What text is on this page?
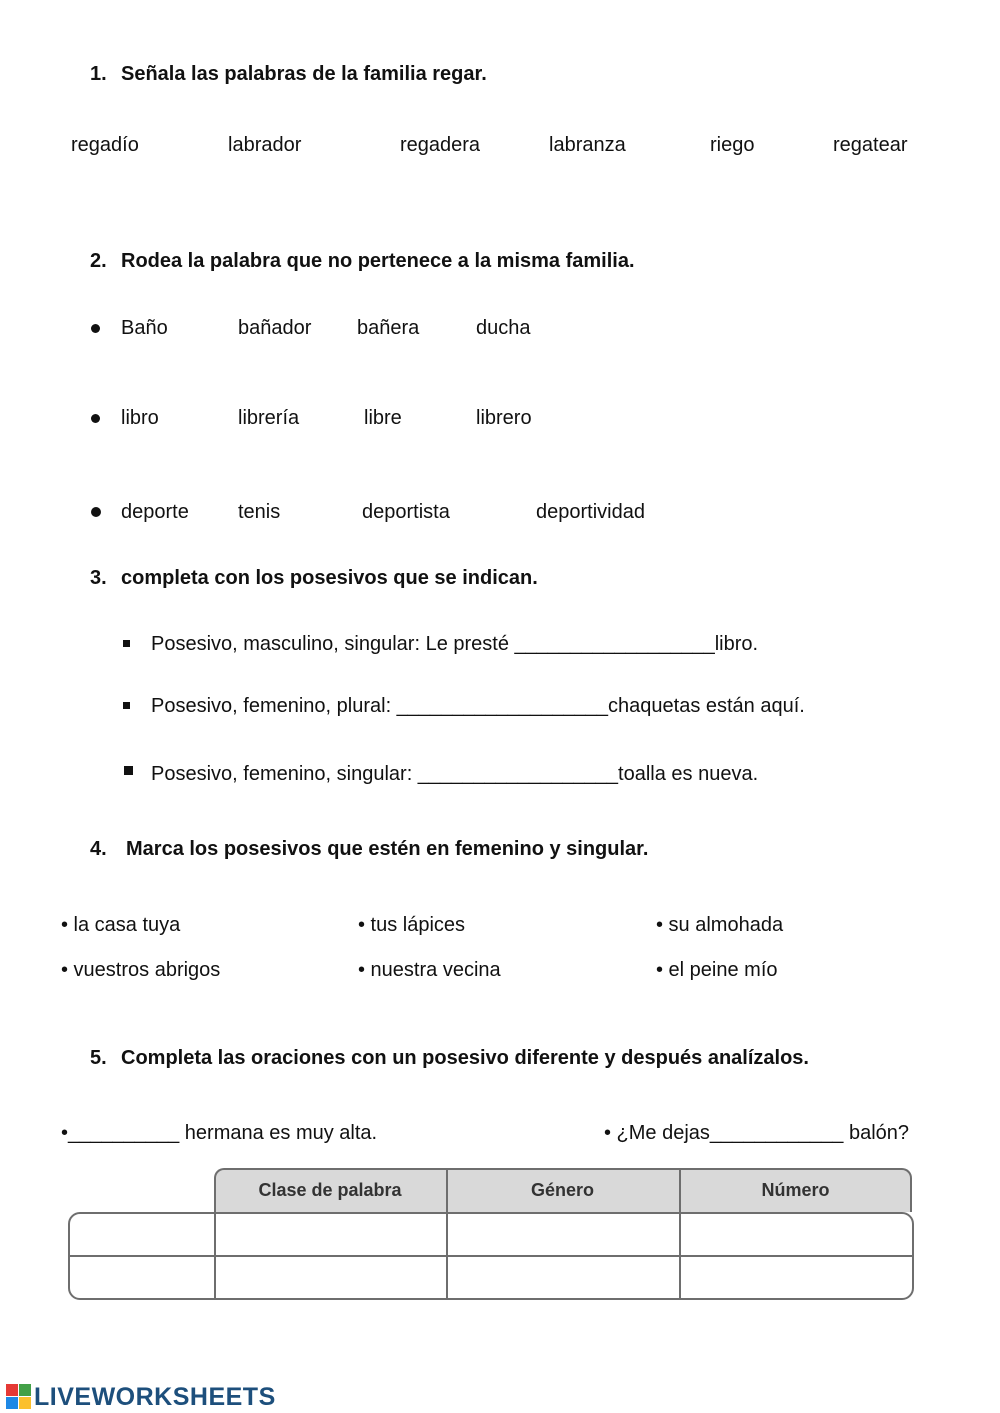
1. Señala las palabras de la familia regar.
regadío	labrador	regadera	labranza	riego	regatear
2. Rodea la palabra que no pertenece a la misma familia.
Baño	bañador bañera	ducha
libro	librería	libre	librero
deporte tenis	deportista	deportividad
3. completa con los posesivos que se indican.
Posesivo, masculino, singular: Le presté __________________libro.
Posesivo, femenino, plural: ___________________chaquetas están aquí.
Posesivo, femenino, singular: __________________toalla es nueva.
4. Marca los posesivos que estén en femenino y singular.
• la casa tuya	• tus lápices	• su almohada
• vuestros abrigos	• nuestra vecina	• el peine mío
5. Completa las oraciones con un posesivo diferente y después analízalos.
•__________ hermana es muy alta.	• ¿Me dejas____________ balón?
Clase de palabra	Género	Número
LIVEWORKSHEETS
